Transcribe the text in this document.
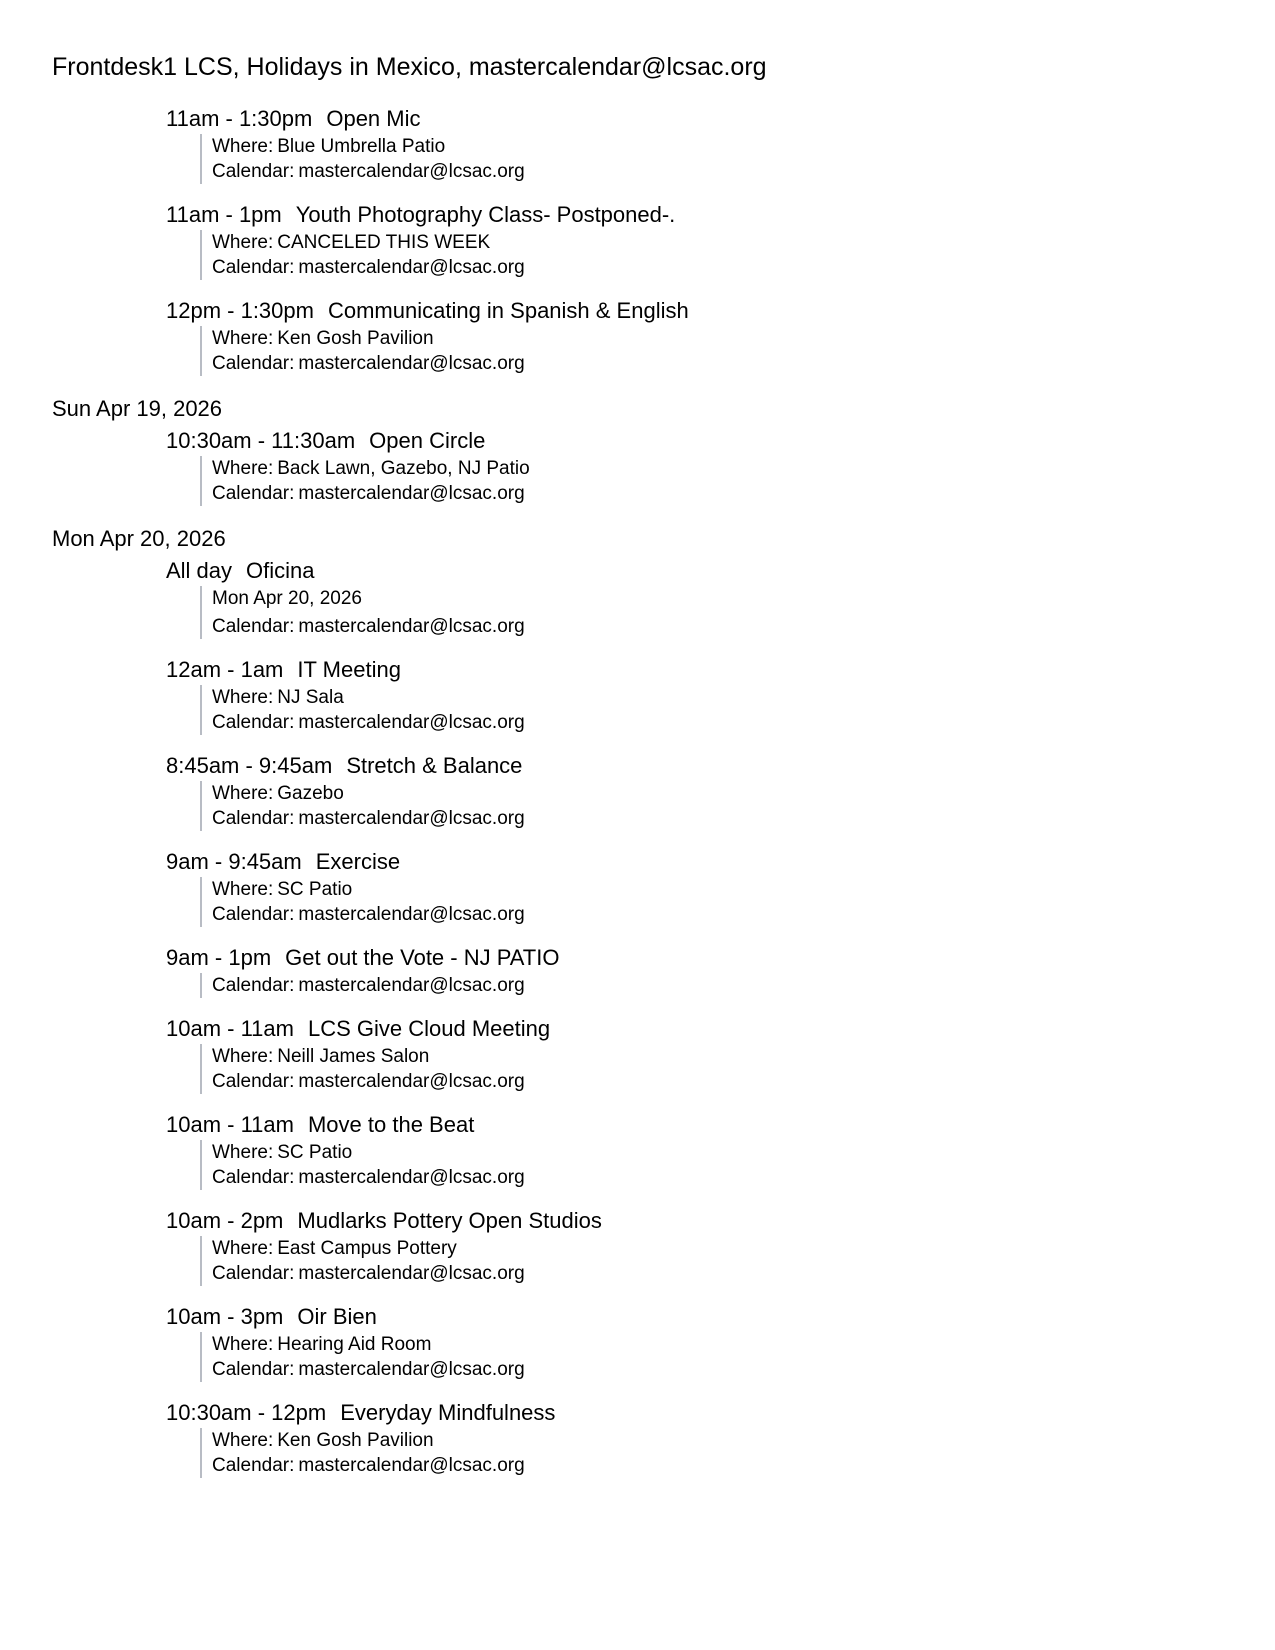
Frontdesk1 LCS, Holidays in Mexico, mastercalendar@lcsac.org
11am - 1:30pm Open Mic
Where: Blue Umbrella Patio
Calendar: mastercalendar@lcsac.org
11am - 1pm Youth Photography Class- Postponed-.
Where: CANCELED THIS WEEK
Calendar: mastercalendar@lcsac.org
12pm - 1:30pm Communicating in Spanish & English
Where: Ken Gosh Pavilion
Calendar: mastercalendar@lcsac.org
Sun Apr 19, 2026
10:30am - 11:30am Open Circle
Where: Back Lawn, Gazebo, NJ Patio
Calendar: mastercalendar@lcsac.org
Mon Apr 20, 2026
All day Oficina
Mon Apr 20, 2026
Calendar: mastercalendar@lcsac.org
12am - 1am IT Meeting
Where: NJ Sala
Calendar: mastercalendar@lcsac.org
8:45am - 9:45am Stretch & Balance
Where: Gazebo
Calendar: mastercalendar@lcsac.org
9am - 9:45am Exercise
Where: SC Patio
Calendar: mastercalendar@lcsac.org
9am - 1pm Get out the Vote - NJ PATIO
Calendar: mastercalendar@lcsac.org
10am - 11am LCS Give Cloud Meeting
Where: Neill James Salon
Calendar: mastercalendar@lcsac.org
10am - 11am Move to the Beat
Where: SC Patio
Calendar: mastercalendar@lcsac.org
10am - 2pm Mudlarks Pottery Open Studios
Where: East Campus Pottery
Calendar: mastercalendar@lcsac.org
10am - 3pm Oir Bien
Where: Hearing Aid Room
Calendar: mastercalendar@lcsac.org
10:30am - 12pm Everyday Mindfulness
Where: Ken Gosh Pavilion
Calendar: mastercalendar@lcsac.org
